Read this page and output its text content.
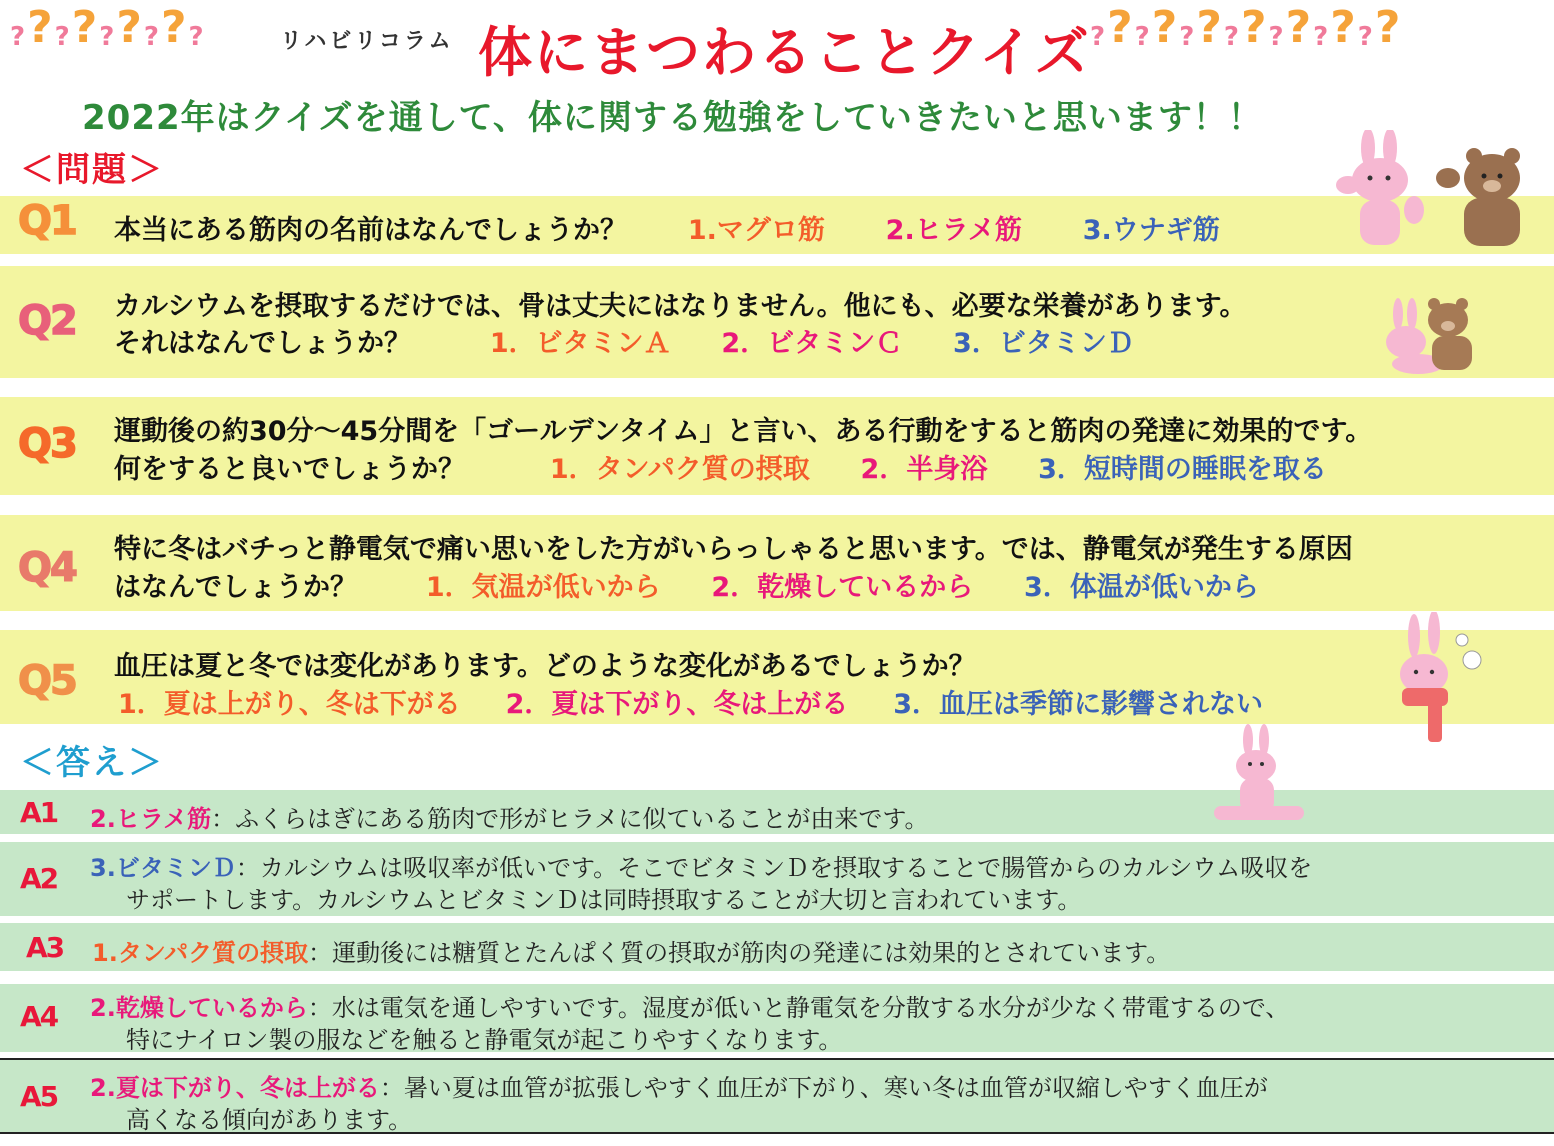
? ? ? ? ? ? ? ? ?	? ? ? ? ? ? ? ? ? ? ? ? ? ?
リハビリコラム 体にまつわることクイズ
2022年はクイズを通して、体に関する勉強をしていきたいと思います！！
＜問題＞
Q1 本当にある筋肉の名前はなんでしょうか？ 1.マグロ筋 2.ヒラメ筋 3.ウナギ筋
Q2 カルシウムを摂取するだけでは、骨は丈夫にはなりません。他にも、必要な栄養があります。
それはなんでしょうか？	1．ビタミンＡ 2．ビタミンＣ 3．ビタミンＤ
Q3 運動後の約30分～45分間を「ゴールデンタイム」と言い、ある行動をすると筋肉の発達に効果的です。
何をすると良いでしょうか？	1．タンパク質の摂取 2．半身浴 3．短時間の睡眠を取る
Q4 特に冬はバチっと静電気で痛い思いをした方がいらっしゃると思います。では、静電気が発生する原因
はなんでしょうか？	1．気温が低いから 2．乾燥しているから 3．体温が低いから
Q5 血圧は夏と冬では変化があります。どのような変化があるでしょうか？
1．夏は上がり、冬は下がる 2．夏は下がり、冬は上がる 3．血圧は季節に影響されない
＜答え＞
A1 2.ヒラメ筋：ふくらはぎにある筋肉で形がヒラメに似ていることが由来です。
A2 3.ビタミンＤ：カルシウムは吸収率が低いです。そこでビタミンＤを摂取することで腸管からのカルシウム吸収を
サポートします。カルシウムとビタミンＤは同時摂取することが大切と言われています。
A3 1.タンパク質の摂取：運動後には糖質とたんぱく質の摂取が筋肉の発達には効果的とされています。
A4 2.乾燥しているから：水は電気を通しやすいです。湿度が低いと静電気を分散する水分が少なく帯電するので、
特にナイロン製の服などを触ると静電気が起こりやすくなります。
A5 2.夏は下がり、冬は上がる：暑い夏は血管が拡張しやすく血圧が下がり、寒い冬は血管が収縮しやすく血圧が
高くなる傾向があります。
